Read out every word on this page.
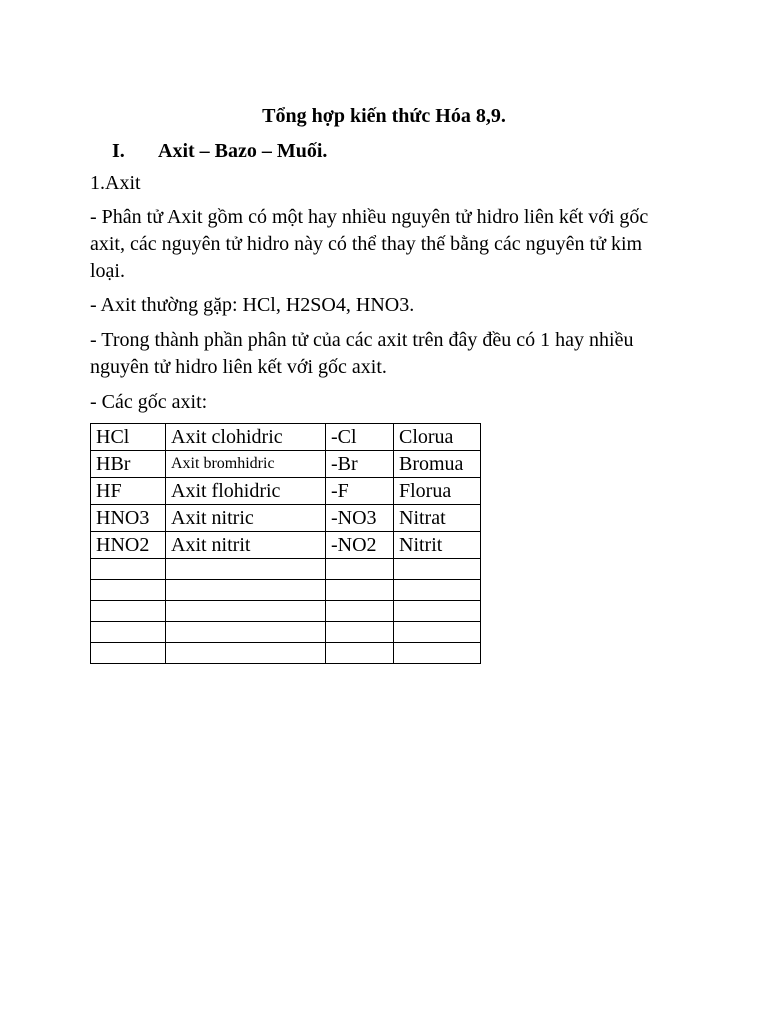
Tổng hợp kiến thức Hóa 8,9.
I. Axit – Bazo – Muối.
1.Axit
- Phân tử Axit gồm có một hay nhiều nguyên tử hidro liên kết với gốc axit, các nguyên tử hidro này có thể thay thế bằng các nguyên tử kim loại.
- Axit thường gặp: HCl, H2SO4, HNO3.
- Trong thành phần phân tử của các axit trên đây đều có 1 hay nhiều nguyên tử hidro liên kết với gốc axit.
- Các gốc axit:
HCl	Axit clohidric	-Cl	Clorua
HBr	Axit bromhidric	-Br	Bromua
HF	Axit flohidric	-F	Florua
HNO3	Axit nitric	-NO3	Nitrat
HNO2	Axit nitrit	-NO2	Nitrit
